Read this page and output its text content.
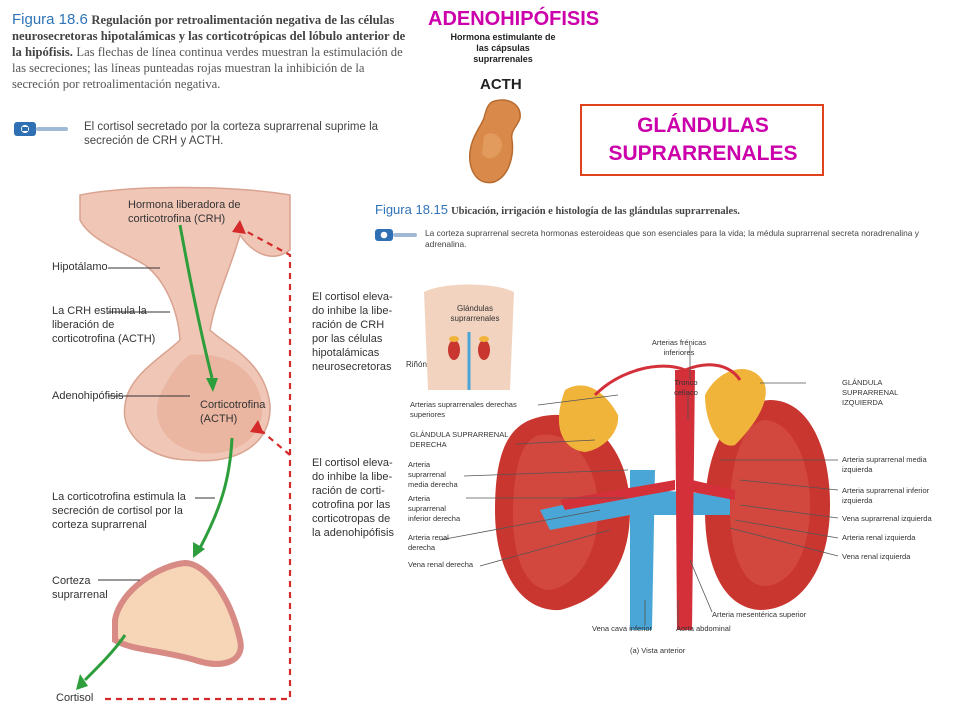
Figura 18.6 Regulación por retroalimentación negativa de las células neurosecretoras hipotalámicas y las corticotrópicas del lóbulo anterior de la hipófisis. Las flechas de línea continua verdes muestran la estimulación de las secreciones; las líneas punteadas rojas muestran la inhibición de la secreción por retroalimentación negativa.
El cortisol secretado por la corteza suprarrenal suprime la secreción de CRH y ACTH.
Hormona liberadora de corticotrofina (CRH)
Hipotálamo
La CRH estimula la liberación de corticotrofina (ACTH)
Adenohipófisis
Corticotrofina (ACTH)
La corticotrofina estimula la secreción de cortisol por la corteza suprarrenal
Corteza suprarrenal
Cortisol
El cortisol eleva- do inhibe la libe- ración de CRH por las células hipotalámicas neurosecretoras
El cortisol eleva- do inhibe la libe- ración de corti- cotrofina por las corticotropas de la adenohipófisis
ADENOHIPÓFISIS
Hormona estimulante de las cápsulas suprarrenales
ACTH
GLÁNDULAS SUPRARRENALES
Figura 18.15 Ubicación, irrigación e histología de las glándulas suprarrenales.
La corteza suprarrenal secreta hormonas esteroideas que son esenciales para la vida; la médula suprarrenal secreta noradrenalina y adrenalina.
Glándulas suprarrenales
Riñón
Arterias frénicas inferiores
Tronco celíaco
GLÁNDULA SUPRARRENAL IZQUIERDA
Arterias suprarrenales derechas superiores
GLÁNDULA SUPRARRENAL DERECHA
Arteria suprarrenal media derecha
Arteria suprarrenal inferior derecha
Arteria renal derecha
Vena renal derecha
Arteria suprarrenal media izquierda
Arteria suprarrenal inferior izquierda
Vena suprarrenal izquierda
Arteria renal izquierda
Vena renal izquierda
Arteria mesentérica superior
Vena cava inferior	Aorta abdominal
(a) Vista anterior
